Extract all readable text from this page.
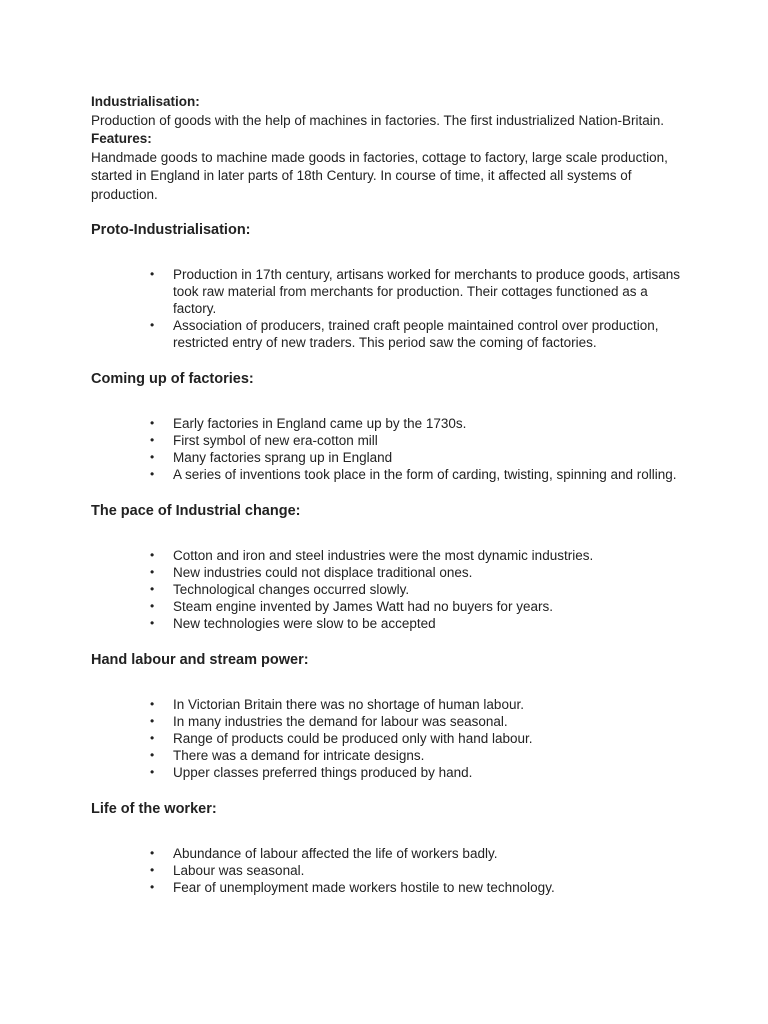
Industrialisation:
Production of goods with the help of machines in factories. The first industrialized Nation-Britain.
Features:
Handmade goods to machine made goods in factories, cottage to factory, large scale production, started in England in later parts of 18th Century. In course of time, it affected all systems of production.
Proto-Industrialisation:
• Production in 17th century, artisans worked for merchants to produce goods, artisans took raw material from merchants for production. Their cottages functioned as a factory.
• Association of producers, trained craft people maintained control over production, restricted entry of new traders. This period saw the coming of factories.
Coming up of factories:
• Early factories in England came up by the 1730s.
• First symbol of new era-cotton mill
• Many factories sprang up in England
• A series of inventions took place in the form of carding, twisting, spinning and rolling.
The pace of Industrial change:
• Cotton and iron and steel industries were the most dynamic industries.
• New industries could not displace traditional ones.
• Technological changes occurred slowly.
• Steam engine invented by James Watt had no buyers for years.
• New technologies were slow to be accepted
Hand labour and stream power:
• In Victorian Britain there was no shortage of human labour.
• In many industries the demand for labour was seasonal.
• Range of products could be produced only with hand labour.
• There was a demand for intricate designs.
• Upper classes preferred things produced by hand.
Life of the worker:
• Abundance of labour affected the life of workers badly.
• Labour was seasonal.
• Fear of unemployment made workers hostile to new technology.
